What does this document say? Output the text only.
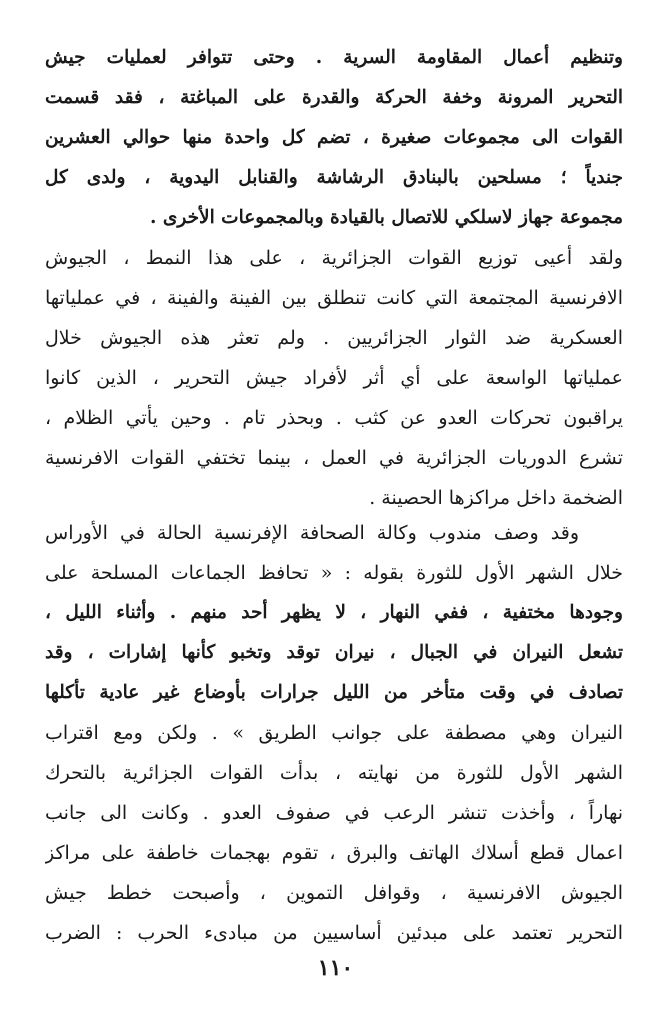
وتنظيم أعمال المقاومة السرية . وحتى تتوافر لعمليات جيش
التحرير المرونة وخفة الحركة والقدرة على المباغتة ، فقد قسمت
القوات الى مجموعات صغيرة ، تضم كل واحدة منها حوالي العشرين
جندياً ؛ مسلحين بالبنادق الرشاشة والقنابل اليدوية ، ولدى كل
مجموعة جهاز لاسلكي للاتصال بالقيادة وبالمجموعات الأخرى .
ولقد أعيى توزيع القوات الجزائرية ، على هذا النمط ، الجيوش
الافرنسية المجتمعة التي كانت تنطلق بين الفينة والفينة ، في عملياتها
العسكرية ضد الثوار الجزائريين . ولم تعثر هذه الجيوش خلال
عملياتها الواسعة على أي أثر لأفراد جيش التحرير ، الذين كانوا
يراقبون تحركات العدو عن كثب . وبحذر تام . وحين يأتي الظلام ،
تشرع الدوريات الجزائرية في العمل ، بينما تختفي القوات الافرنسية
الضخمة داخل مراكزها الحصينة .
وقد وصف مندوب وكالة الصحافة الإفرنسية الحالة في الأوراس
خلال الشهر الأول للثورة بقوله : « تحافظ الجماعات المسلحة على
وجودها مختفية ، ففي النهار ، لا يظهر أحد منهم . وأثناء الليل ،
تشعل النيران في الجبال ، نيران توقد وتخبو كأنها إشارات ، وقد
تصادف في وقت متأخر من الليل جرارات بأوضاع غير عادية تأكلها
النيران وهي مصطفة على جوانب الطريق » . ولكن ومع اقتراب
الشهر الأول للثورة من نهايته ، بدأت القوات الجزائرية بالتحرك
نهاراً ، وأخذت تنشر الرعب في صفوف العدو . وكانت الى جانب
اعمال قطع أسلاك الهاتف والبرق ، تقوم بهجمات خاطفة على مراكز
الجيوش الافرنسية ، وقوافل التموين ، وأصبحت خطط جيش
التحرير تعتمد على مبدئين أساسيين من مبادىء الحرب : الضرب
١١٠
